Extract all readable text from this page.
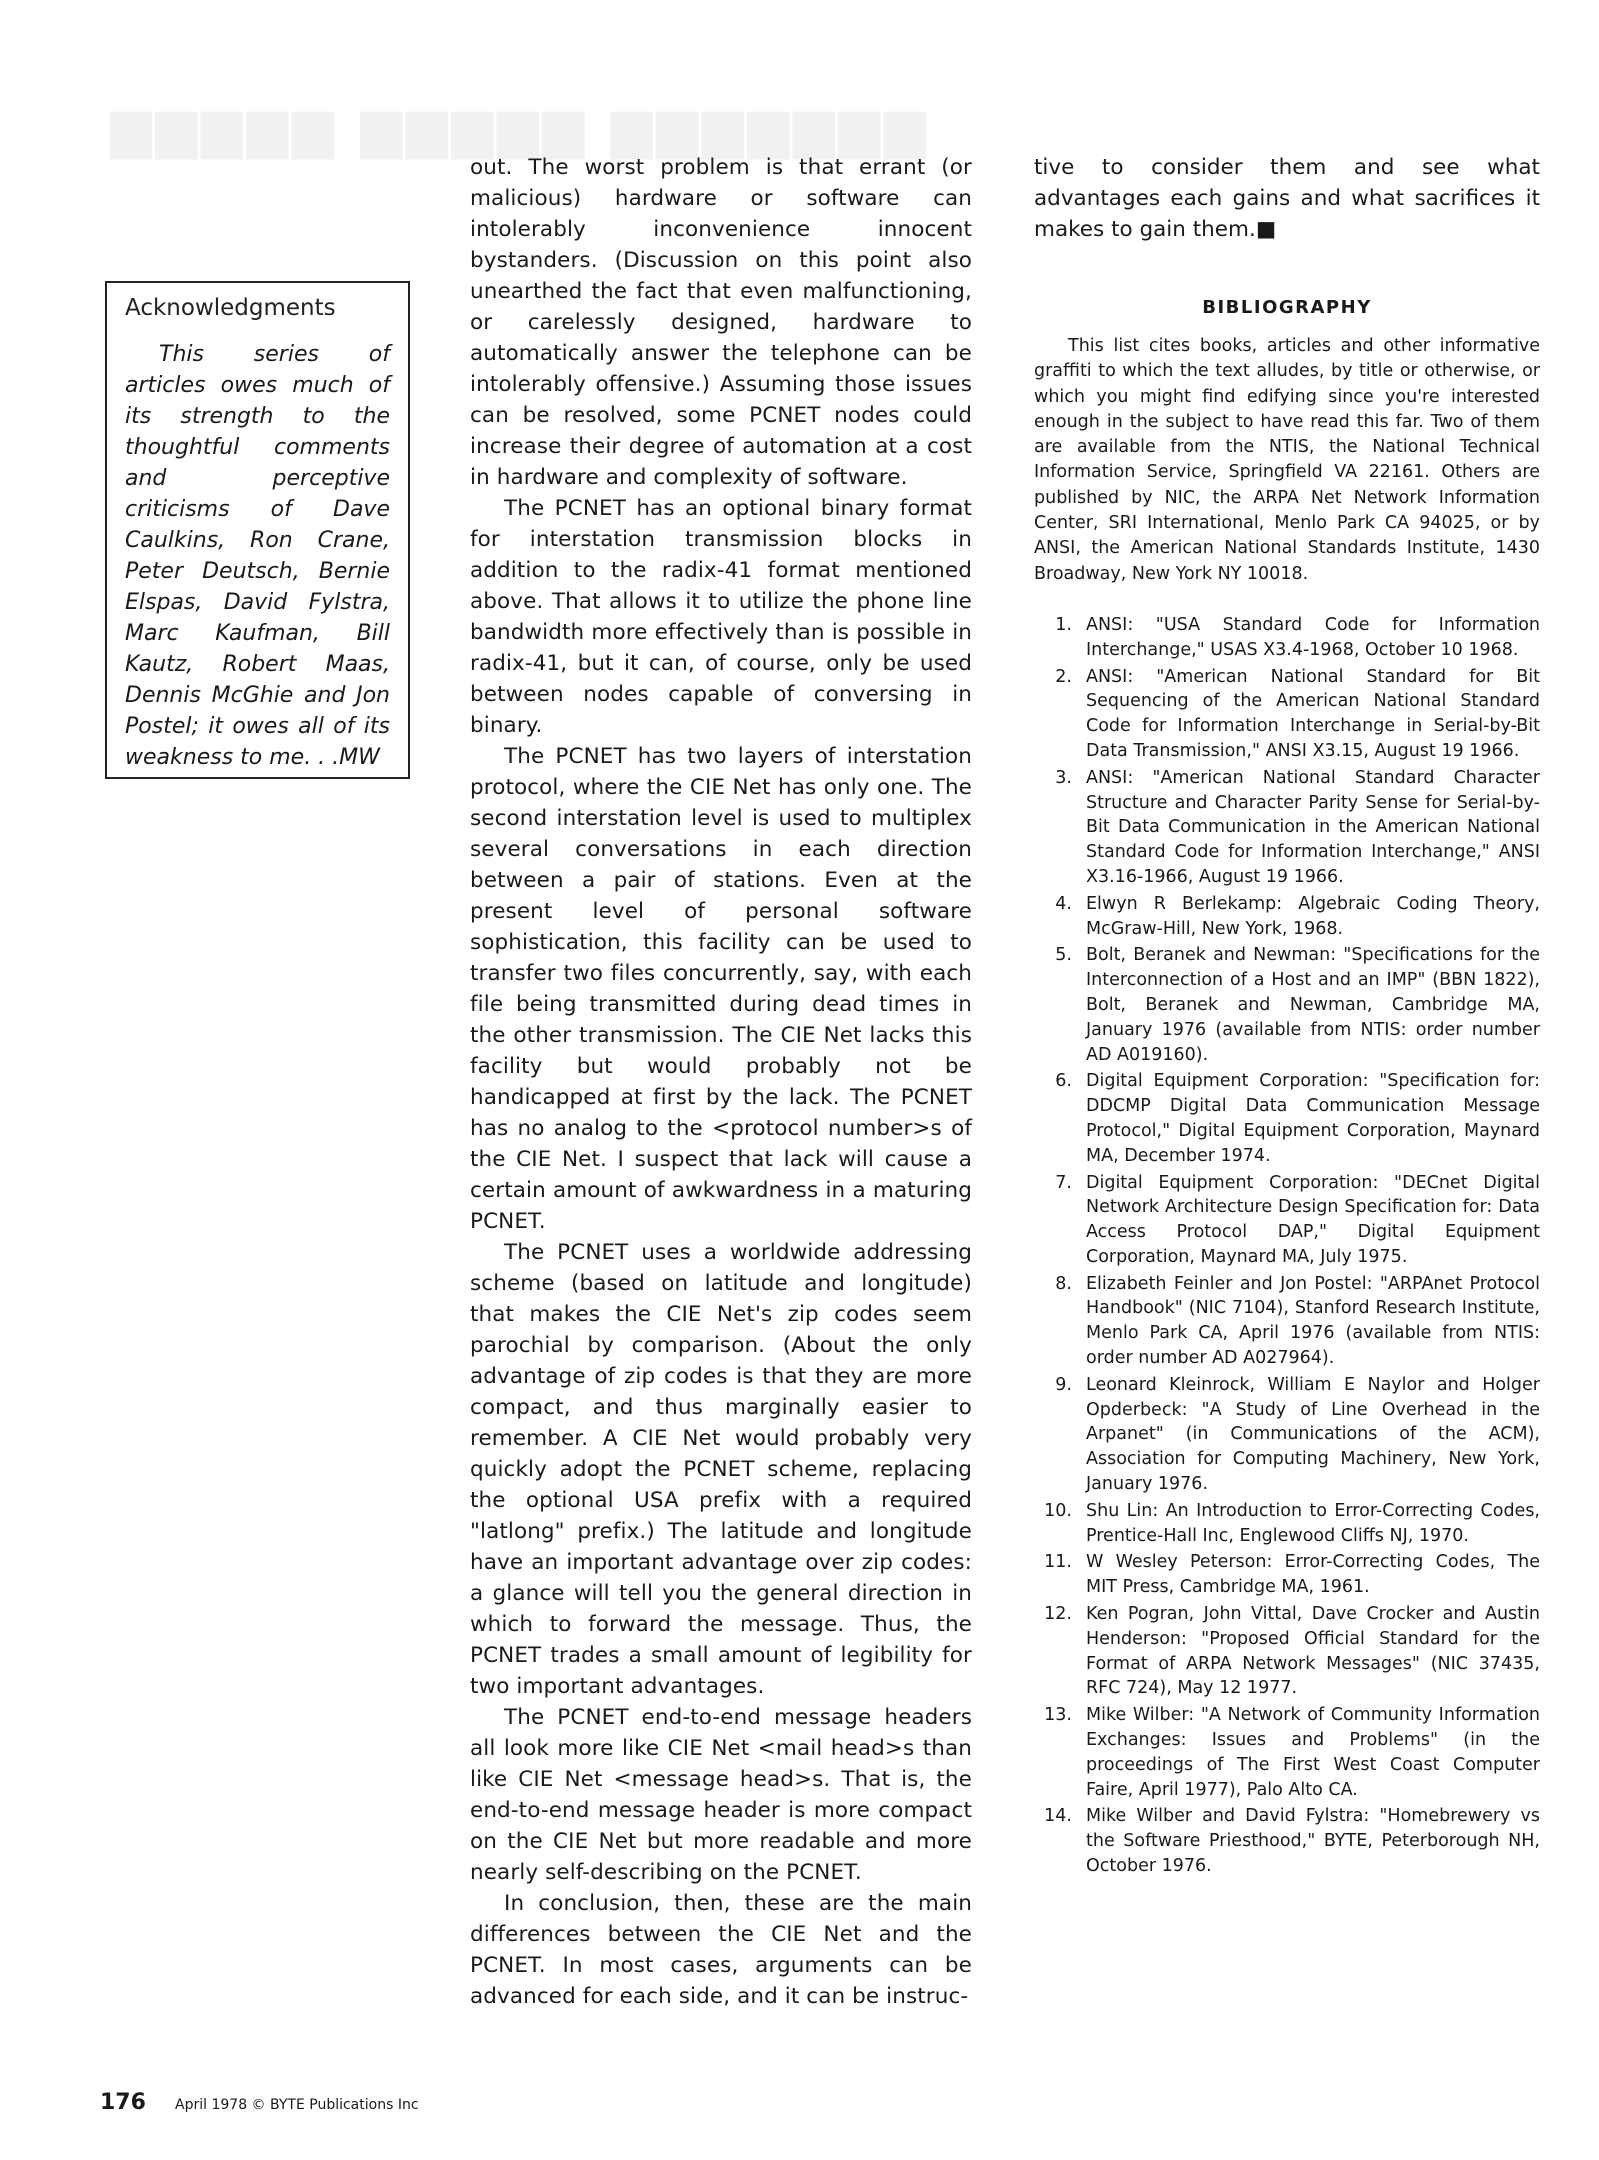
▆▆▆▆▆ ▆▆▆▆▆ ▆▆▆▆▆▆▆
Acknowledgments

This series of articles owes much of its strength to the thoughtful comments and perceptive criticisms of Dave Caulkins, Ron Crane, Peter Deutsch, Bernie Elspas, David Fylstra, Marc Kaufman, Bill Kautz, Robert Maas, Dennis McGhie and Jon Postel; it owes all of its weakness to me. . .MW

out. The worst problem is that errant (or malicious) hardware or software can intolerably inconvenience innocent bystanders. (Discussion on this point also unearthed the fact that even malfunctioning, or carelessly designed, hardware to automatically answer the telephone can be intolerably offensive.) Assuming those issues can be resolved, some PCNET nodes could increase their degree of automation at a cost in hardware and complexity of software.

The PCNET has an optional binary format for interstation transmission blocks in addition to the radix-41 format mentioned above. That allows it to utilize the phone line bandwidth more effectively than is possible in radix-41, but it can, of course, only be used between nodes capable of conversing in binary.

The PCNET has two layers of interstation protocol, where the CIE Net has only one. The second interstation level is used to multiplex several conversations in each direction between a pair of stations. Even at the present level of personal software sophistication, this facility can be used to transfer two files concurrently, say, with each file being transmitted during dead times in the other transmission. The CIE Net lacks this facility but would probably not be handicapped at first by the lack. The PCNET has no analog to the <protocol number>s of the CIE Net. I suspect that lack will cause a certain amount of awkwardness in a maturing PCNET.

The PCNET uses a worldwide addressing scheme (based on latitude and longitude) that makes the CIE Net's zip codes seem parochial by comparison. (About the only advantage of zip codes is that they are more compact, and thus marginally easier to remember. A CIE Net would probably very quickly adopt the PCNET scheme, replacing the optional USA prefix with a required "latlong" prefix.) The latitude and longitude have an important advantage over zip codes: a glance will tell you the general direction in which to forward the message. Thus, the PCNET trades a small amount of legibility for two important advantages.

The PCNET end-to-end message headers all look more like CIE Net <mail head>s than like CIE Net <message head>s. That is, the end-to-end message header is more compact on the CIE Net but more readable and more nearly self-describing on the PCNET.

In conclusion, then, these are the main differences between the CIE Net and the PCNET. In most cases, arguments can be advanced for each side, and it can be instruc-

tive to consider them and see what advantages each gains and what sacrifices it makes to gain them.■

BIBLIOGRAPHY

This list cites books, articles and other informative graffiti to which the text alludes, by title or otherwise, or which you might find edifying since you're interested enough in the subject to have read this far. Two of them are available from the NTIS, the National Technical Information Service, Springfield VA 22161. Others are published by NIC, the ARPA Net Network Information Center, SRI International, Menlo Park CA 94025, or by ANSI, the American National Standards Institute, 1430 Broadway, New York NY 10018.

1. ANSI: "USA Standard Code for Information Interchange," USAS X3.4-1968, October 10 1968.
2. ANSI: "American National Standard for Bit Sequencing of the American National Standard Code for Information Interchange in Serial-by-Bit Data Transmission," ANSI X3.15, August 19 1966.
3. ANSI: "American National Standard Character Structure and Character Parity Sense for Serial-by-Bit Data Communication in the American National Standard Code for Information Interchange," ANSI X3.16-1966, August 19 1966.
4. Elwyn R Berlekamp: Algebraic Coding Theory, McGraw-Hill, New York, 1968.
5. Bolt, Beranek and Newman: "Specifications for the Interconnection of a Host and an IMP" (BBN 1822), Bolt, Beranek and Newman, Cambridge MA, January 1976 (available from NTIS: order number AD A019160).
6. Digital Equipment Corporation: "Specification for: DDCMP Digital Data Communication Message Protocol," Digital Equipment Corporation, Maynard MA, December 1974.
7. Digital Equipment Corporation: "DECnet Digital Network Architecture Design Specification for: Data Access Protocol DAP," Digital Equipment Corporation, Maynard MA, July 1975.
8. Elizabeth Feinler and Jon Postel: "ARPAnet Protocol Handbook" (NIC 7104), Stanford Research Institute, Menlo Park CA, April 1976 (available from NTIS: order number AD A027964).
9. Leonard Kleinrock, William E Naylor and Holger Opderbeck: "A Study of Line Overhead in the Arpanet" (in Communications of the ACM), Association for Computing Machinery, New York, January 1976.
10. Shu Lin: An Introduction to Error-Correcting Codes, Prentice-Hall Inc, Englewood Cliffs NJ, 1970.
11. W Wesley Peterson: Error-Correcting Codes, The MIT Press, Cambridge MA, 1961.
12. Ken Pogran, John Vittal, Dave Crocker and Austin Henderson: "Proposed Official Standard for the Format of ARPA Network Messages" (NIC 37435, RFC 724), May 12 1977.
13. Mike Wilber: "A Network of Community Information Exchanges: Issues and Problems" (in the proceedings of The First West Coast Computer Faire, April 1977), Palo Alto CA.
14. Mike Wilber and David Fylstra: "Homebrewery vs the Software Priesthood," BYTE, Peterborough NH, October 1976.
176 April 1978 © BYTE Publications Inc
